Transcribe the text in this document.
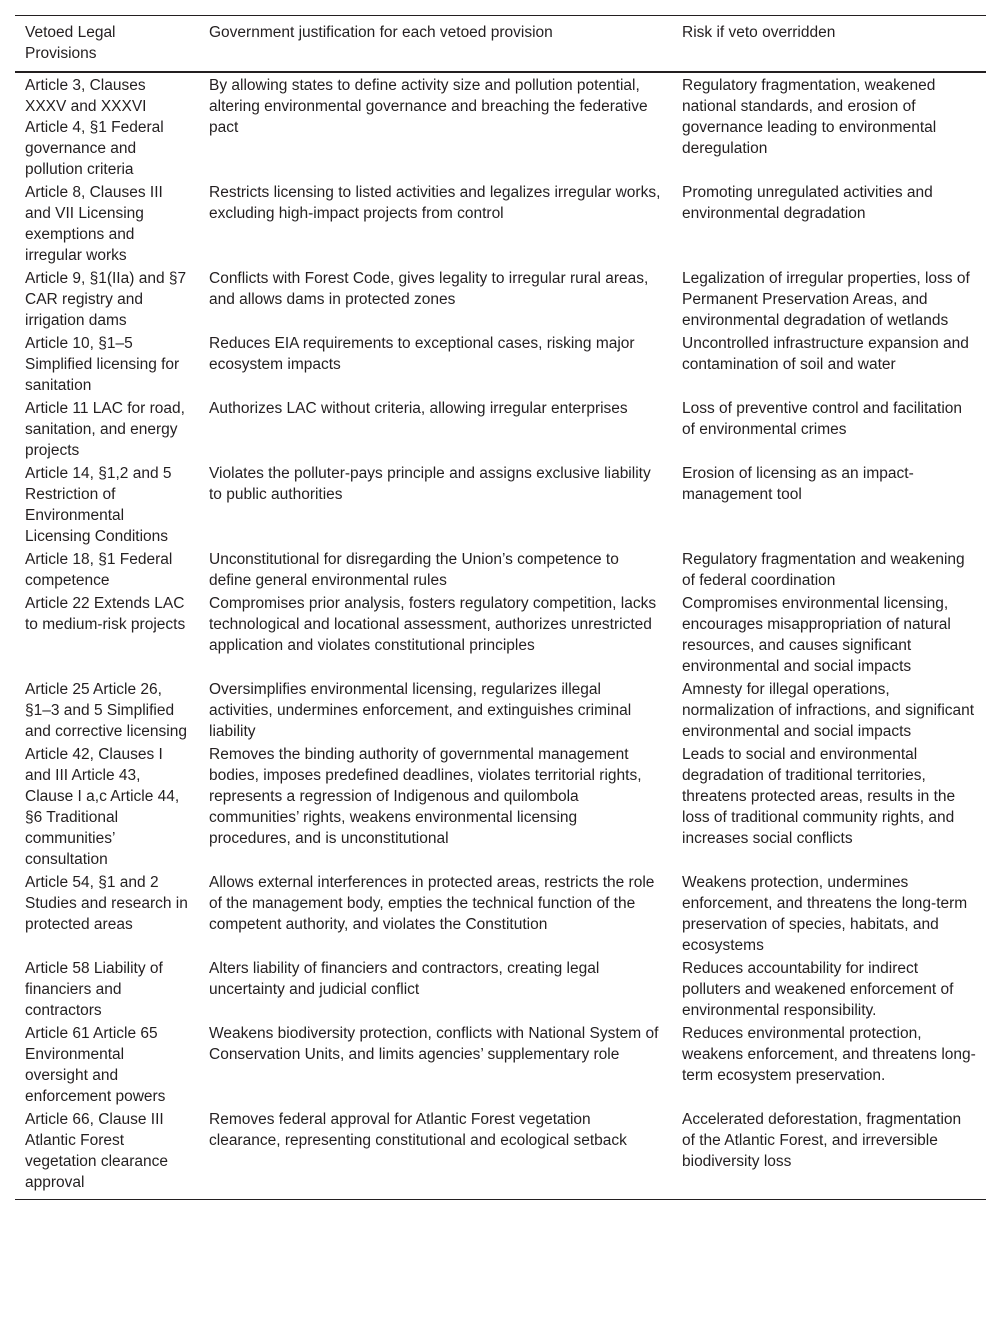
Vetoed Legal Provisions	Government justification for each vetoed provision	Risk if veto overridden
Article 3, Clauses XXXV and XXXVI Article 4, §1 Federal governance and pollution criteria	By allowing states to define activity size and pollution potential, altering environmental governance and breaching the federative pact	Regulatory fragmentation, weakened national standards, and erosion of governance leading to environmental deregulation
Article 8, Clauses III and VII Licensing exemptions and irregular works	Restricts licensing to listed activities and legalizes irregular works, excluding high-impact projects from control	Promoting unregulated activities and environmental degradation
Article 9, §1(IIa) and §7 CAR registry and irrigation dams	Conflicts with Forest Code, gives legality to irregular rural areas, and allows dams in protected zones	Legalization of irregular properties, loss of Permanent Preservation Areas, and environmental degradation of wetlands
Article 10, §1–5 Simplified licensing for sanitation	Reduces EIA requirements to exceptional cases, risking major ecosystem impacts	Uncontrolled infrastructure expansion and contamination of soil and water
Article 11 LAC for road, sanitation, and energy projects	Authorizes LAC without criteria, allowing irregular enterprises	Loss of preventive control and facilitation of environmental crimes
Article 14, §1,2 and 5 Restriction of Environmental Licensing Conditions	Violates the polluter-pays principle and assigns exclusive liability to public authorities	Erosion of licensing as an impact-management tool
Article 18, §1 Federal competence	Unconstitutional for disregarding the Union’s competence to define general environmental rules	Regulatory fragmentation and weakening of federal coordination
Article 22 Extends LAC to medium-risk projects	Compromises prior analysis, fosters regulatory competition, lacks technological and locational assessment, authorizes unrestricted application and violates constitutional principles	Compromises environmental licensing, encourages misappropriation of natural resources, and causes significant environmental and social impacts
Article 25 Article 26, §1–3 and 5 Simplified and corrective licensing	Oversimplifies environmental licensing, regularizes illegal activities, undermines enforcement, and extinguishes criminal liability	Amnesty for illegal operations, normalization of infractions, and significant environmental and social impacts
Article 42, Clauses I and III Article 43, Clause I a,c Article 44, §6 Traditional communities’ consultation	Removes the binding authority of governmental management bodies, imposes predefined deadlines, violates territorial rights, represents a regression of Indigenous and quilombola communities’ rights, weakens environmental licensing procedures, and is unconstitutional	Leads to social and environmental degradation of traditional territories, threatens protected areas, results in the loss of traditional community rights, and increases social conflicts
Article 54, §1 and 2 Studies and research in protected areas	Allows external interferences in protected areas, restricts the role of the management body, empties the technical function of the competent authority, and violates the Constitution	Weakens protection, undermines enforcement, and threatens the long-term preservation of species, habitats, and ecosystems
Article 58 Liability of financiers and contractors	Alters liability of financiers and contractors, creating legal uncertainty and judicial conflict	Reduces accountability for indirect polluters and weakened enforcement of environmental responsibility.
Article 61 Article 65 Environmental oversight and enforcement powers	Weakens biodiversity protection, conflicts with National System of Conservation Units, and limits agencies’ supplementary role	Reduces environmental protection, weakens enforcement, and threatens long-term ecosystem preservation.
Article 66, Clause III Atlantic Forest vegetation clearance approval	Removes federal approval for Atlantic Forest vegetation clearance, representing constitutional and ecological setback	Accelerated deforestation, fragmentation of the Atlantic Forest, and irreversible biodiversity loss
